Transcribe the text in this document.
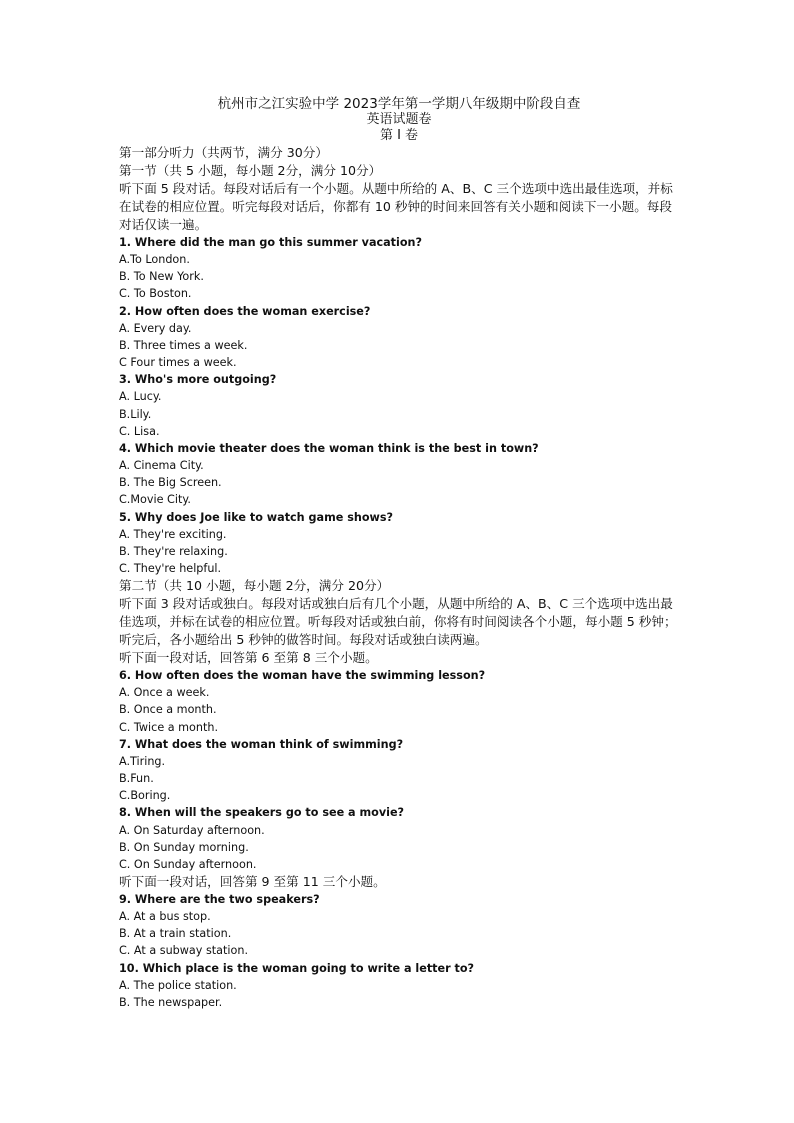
杭州市之江实验中学 2023学年第一学期八年级期中阶段自查
英语试题卷
第 I 卷

第一部分听力（共两节，满分 30分）

第一节（共 5 小题，每小题 2分，满分 10分）

听下面 5 段对话。每段对话后有一个小题。从题中所给的 A、B、C 三个选项中选出最佳选项，并标在试卷的相应位置。听完每段对话后，你都有 10 秒钟的时间来回答有关小题和阅读下一小题。每段对话仅读一遍。

1. Where did the man go this summer vacation?

A.To London.

B. To New York.

C. To Boston.

2. How often does the woman exercise?

A. Every day.

B. Three times a week.

C Four times a week.

3. Who's more outgoing?

A. Lucy.

B.Lily.

C. Lisa.

4. Which movie theater does the woman think is the best in town?

A. Cinema City.

B. The Big Screen.

C.Movie City.

5. Why does Joe like to watch game shows?

A. They're exciting.

B. They're relaxing.

C. They're helpful.

第二节（共 10 小题，每小题 2分，满分 20分）

听下面 3 段对话或独白。每段对话或独白后有几个小题，从题中所给的 A、B、C 三个选项中选出最佳选项，并标在试卷的相应位置。听每段对话或独白前，你将有时间阅读各个小题，每小题 5 秒钟；听完后，各小题给出 5 秒钟的做答时间。每段对话或独白读两遍。

听下面一段对话，回答第 6 至第 8 三个小题。

6. How often does the woman have the swimming lesson?

A. Once a week.

B. Once a month.

C. Twice a month.

7. What does the woman think of swimming?

A.Tiring.

B.Fun.

C.Boring.

8. When will the speakers go to see a movie?

A. On Saturday afternoon.

B. On Sunday morning.

C. On Sunday afternoon.

听下面一段对话，回答第 9 至第 11 三个小题。

9. Where are the two speakers?

A. At a bus stop.

B. At a train station.

C. At a subway station.

10. Which place is the woman going to write a letter to?

A. The police station.

B. The newspaper.
